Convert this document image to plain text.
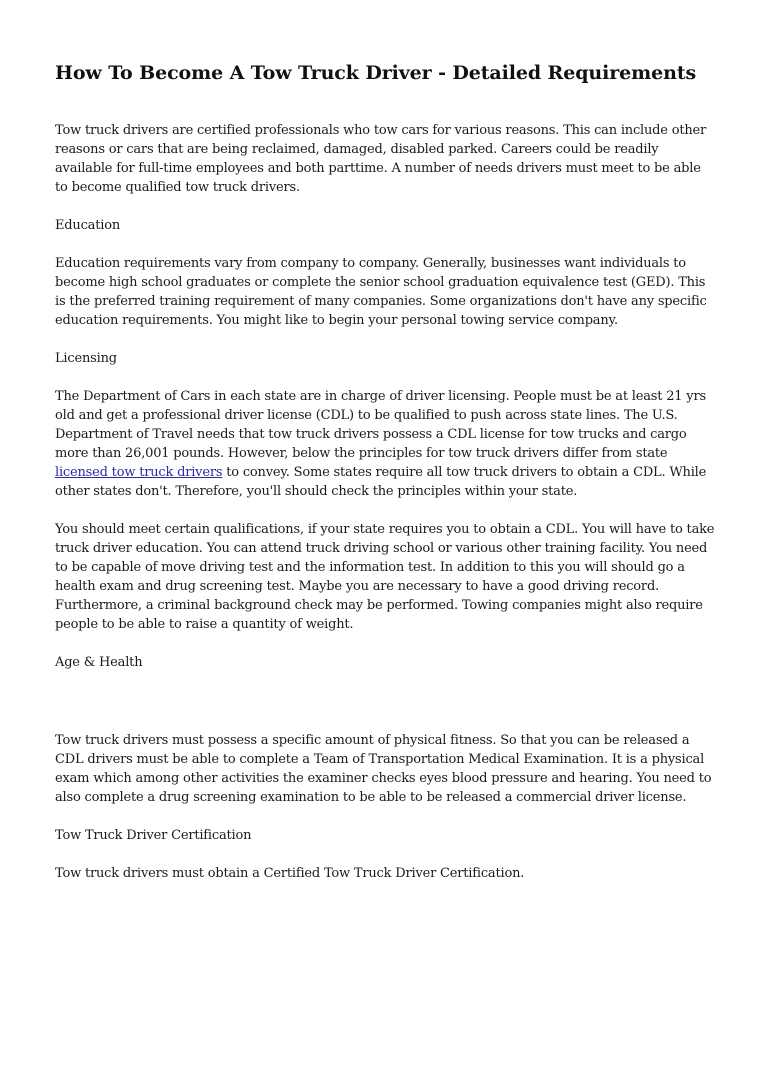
How To Become A Tow Truck Driver - Detailed Requirements

Tow truck drivers are certified professionals who tow cars for various reasons. This can include other reasons or cars that are being reclaimed, damaged, disabled parked. Careers could be readily available for full-time employees and both parttime. A number of needs drivers must meet to be able to become qualified tow truck drivers.

Education

Education requirements vary from company to company. Generally, businesses want individuals to become high school graduates or complete the senior school graduation equivalence test (GED). This is the preferred training requirement of many companies. Some organizations don't have any specific education requirements. You might like to begin your personal towing service company.

Licensing

The Department of Cars in each state are in charge of driver licensing. People must be at least 21 yrs old and get a professional driver license (CDL) to be qualified to push across state lines. The U.S. Department of Travel needs that tow truck drivers possess a CDL license for tow trucks and cargo more than 26,001 pounds. However, below the principles for tow truck drivers differ from state licensed tow truck drivers to convey. Some states require all tow truck drivers to obtain a CDL. While other states don't. Therefore, you'll should check the principles within your state.

You should meet certain qualifications, if your state requires you to obtain a CDL. You will have to take truck driver education. You can attend truck driving school or various other training facility. You need to be capable of move driving test and the information test. In addition to this you will should go a health exam and drug screening test. Maybe you are necessary to have a good driving record. Furthermore, a criminal background check may be performed. Towing companies might also require people to be able to raise a quantity of weight.

Age & Health

Tow truck drivers must possess a specific amount of physical fitness. So that you can be released a CDL drivers must be able to complete a Team of Transportation Medical Examination. It is a physical exam which among other activities the examiner checks eyes blood pressure and hearing. You need to also complete a drug screening examination to be able to be released a commercial driver license.

Tow Truck Driver Certification

Tow truck drivers must obtain a Certified Tow Truck Driver Certification.
